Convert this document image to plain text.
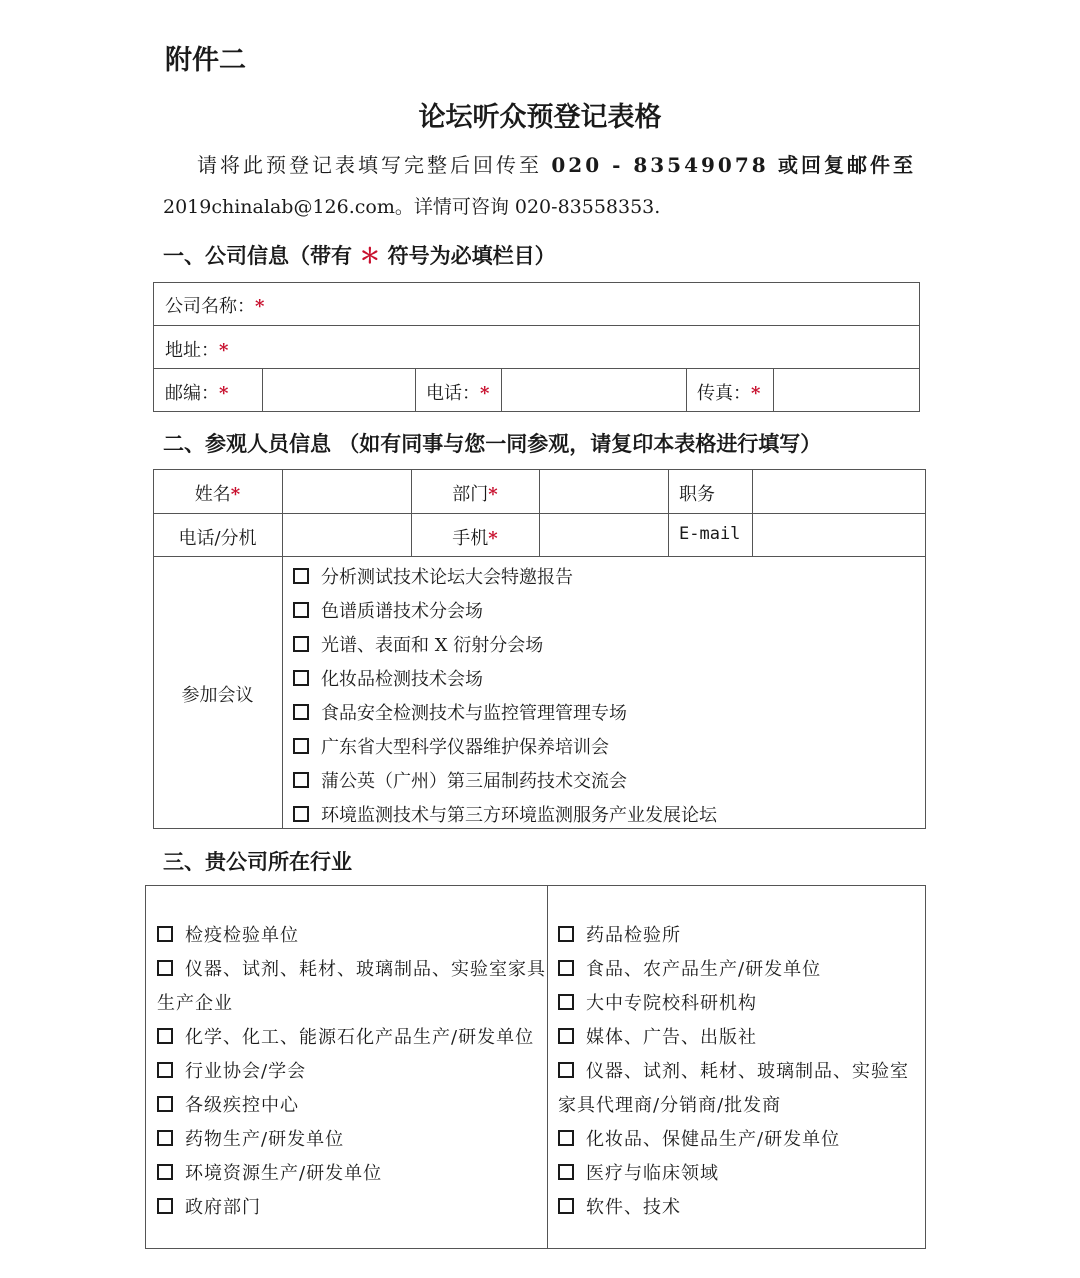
附件二
论坛听众预登记表格
请将此预登记表填写完整后回传至 020 - 83549078 或回复邮件至
2019chinalab@126.com。详情可咨询 020-83558353.
一、公司信息（带有 ＊ 符号为必填栏目）
公司名称：*
地址：*
邮编：*	电话：*	传真：*
二、参观人员信息 （如有同事与您一同参观，请复印本表格进行填写）
姓名*	部门*	职务
电话/分机	手机*	E-mail
参加会议
分析测试技术论坛大会特邀报告
色谱质谱技术分会场
光谱、表面和 X 衍射分会场
化妆品检测技术会场
食品安全检测技术与监控管理管理专场
广东省大型科学仪器维护保养培训会
蒲公英（广州）第三届制药技术交流会
环境监测技术与第三方环境监测服务产业发展论坛
三、贵公司所在行业
检疫检验单位
仪器、试剂、耗材、玻璃制品、实验室家具
生产企业
化学、化工、能源石化产品生产/研发单位
行业协会/学会
各级疾控中心
药物生产/研发单位
环境资源生产/研发单位
政府部门
药品检验所
食品、农产品生产/研发单位
大中专院校科研机构
媒体、广告、出版社
仪器、试剂、耗材、玻璃制品、实验室
家具代理商/分销商/批发商
化妆品、保健品生产/研发单位
医疗与临床领域
软件、技术
